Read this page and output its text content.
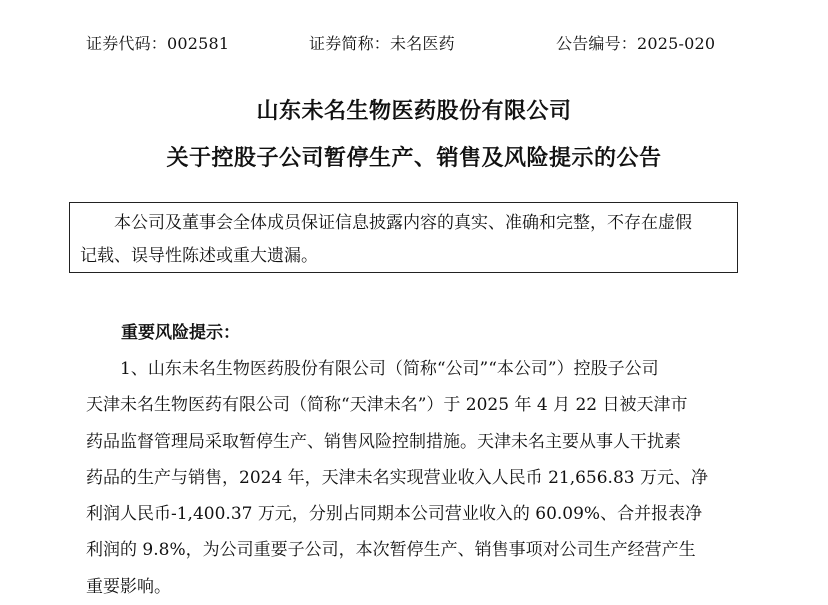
证券代码：002581	证券简称：未名医药	公告编号：2025-020
山东未名生物医药股份有限公司
关于控股子公司暂停生产、销售及风险提示的公告

本公司及董事会全体成员保证信息披露内容的真实、准确和完整，不存在虚假
记载、误导性陈述或重大遗漏。

重要风险提示：
1、山东未名生物医药股份有限公司（简称“公司”“本公司”）控股子公司
天津未名生物医药有限公司（简称“天津未名”）于 2025 年 4 月 22 日被天津市
药品监督管理局采取暂停生产、销售风险控制措施。天津未名主要从事人干扰素
药品的生产与销售，2024 年，天津未名实现营业收入人民币 21,656.83 万元、净
利润人民币-1,400.37 万元，分别占同期本公司营业收入的 60.09%、合并报表净
利润的 9.8%，为公司重要子公司，本次暂停生产、销售事项对公司生产经营产生
重要影响。
